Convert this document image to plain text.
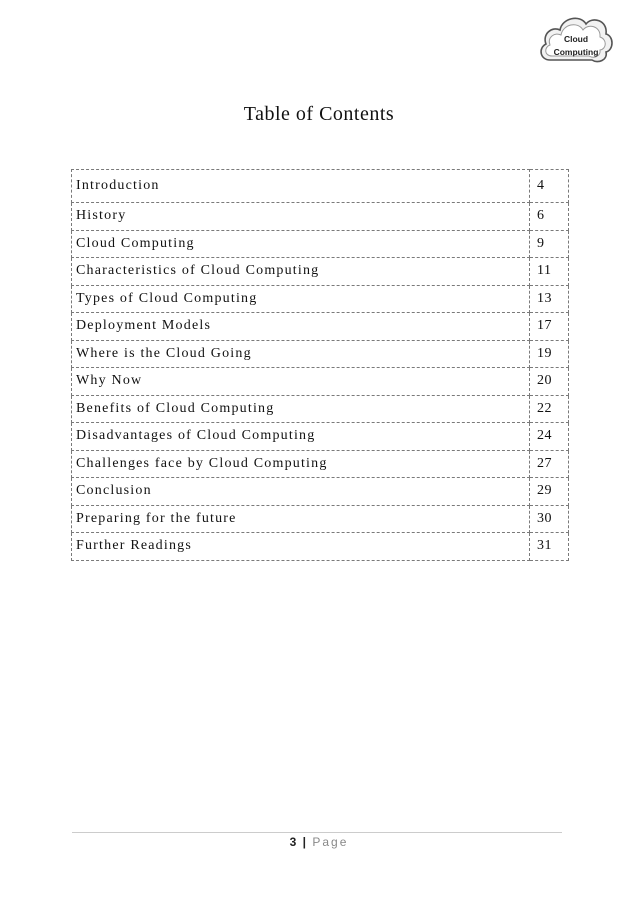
Cloud
Computing
Table of Contents
Introduction	4
History	6
Cloud Computing	9
Characteristics of Cloud Computing	11
Types of Cloud Computing	13
Deployment Models	17
Where is the Cloud Going	19
Why Now	20
Benefits of Cloud Computing	22
Disadvantages of Cloud Computing	24
Challenges face by Cloud Computing	27
Conclusion	29
Preparing for the future	30
Further Readings	31
3 | Page
